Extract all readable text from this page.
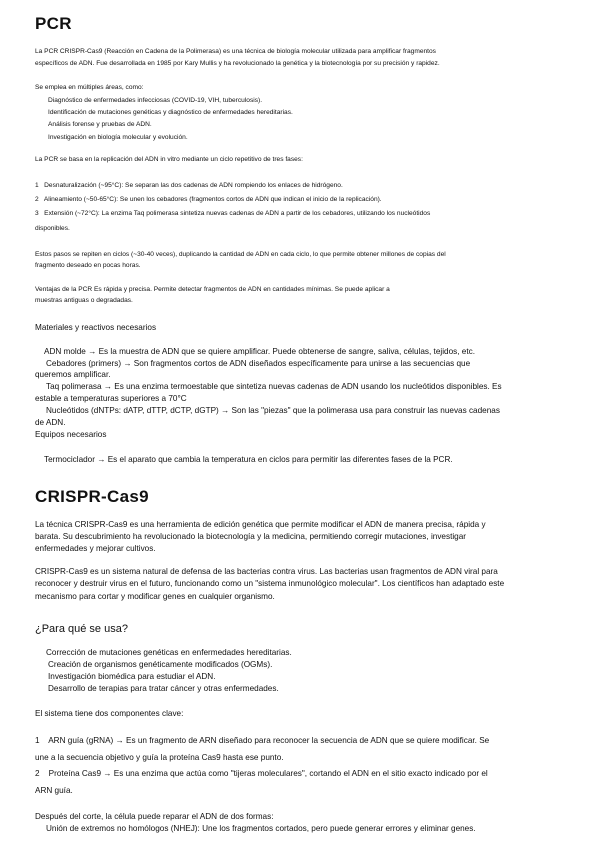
PCR
La PCR CRISPR-Cas9 (Reacción en Cadena de la Polimerasa) es una técnica de biología molecular utilizada para amplificar fragmentos
específicos de ADN. Fue desarrollada en 1985 por Kary Mullis y ha revolucionado la genética y la biotecnología por su precisión y rapidez.
Se emplea en múltiples áreas, como:
Diagnóstico de enfermedades infecciosas (COVID-19, VIH, tuberculosis).
Identificación de mutaciones genéticas y diagnóstico de enfermedades hereditarias.
Análisis forense y pruebas de ADN.
Investigación en biología molecular y evolución.
La PCR se basa en la replicación del ADN in vitro mediante un ciclo repetitivo de tres fases:
1 Desnaturalización (~95°C): Se separan las dos cadenas de ADN rompiendo los enlaces de hidrógeno.
2 Alineamiento (~50-65°C): Se unen los cebadores (fragmentos cortos de ADN que indican el inicio de la replicación).
3 Extensión (~72°C): La enzima Taq polimerasa sintetiza nuevas cadenas de ADN a partir de los cebadores, utilizando los nucleótidos
disponibles.
Estos pasos se repiten en ciclos (~30-40 veces), duplicando la cantidad de ADN en cada ciclo, lo que permite obtener millones de copias del
fragmento deseado en pocas horas.
Ventajas de la PCR Es rápida y precisa. Permite detectar fragmentos de ADN en cantidades mínimas. Se puede aplicar a
muestras antiguas o degradadas.
Materiales y reactivos necesarios
ADN molde → Es la muestra de ADN que se quiere amplificar. Puede obtenerse de sangre, saliva, células, tejidos, etc.
Cebadores (primers) → Son fragmentos cortos de ADN diseñados específicamente para unirse a las secuencias que
queremos amplificar.
Taq polimerasa → Es una enzima termoestable que sintetiza nuevas cadenas de ADN usando los nucleótidos disponibles. Es
estable a temperaturas superiores a 70°C
Nucleótidos (dNTPs: dATP, dTTP, dCTP, dGTP) → Son las "piezas" que la polimerasa usa para construir las nuevas cadenas
de ADN.
Equipos necesarios
Termociclador → Es el aparato que cambia la temperatura en ciclos para permitir las diferentes fases de la PCR.
CRISPR-Cas9
La técnica CRISPR-Cas9 es una herramienta de edición genética que permite modificar el ADN de manera precisa, rápida y
barata. Su descubrimiento ha revolucionado la biotecnología y la medicina, permitiendo corregir mutaciones, investigar
enfermedades y mejorar cultivos.
CRISPR-Cas9 es un sistema natural de defensa de las bacterias contra virus. Las bacterias usan fragmentos de ADN viral para
reconocer y destruir virus en el futuro, funcionando como un "sistema inmunológico molecular". Los científicos han adaptado este
mecanismo para cortar y modificar genes en cualquier organismo.
¿Para qué se usa?
Corrección de mutaciones genéticas en enfermedades hereditarias.
Creación de organismos genéticamente modificados (OGMs).
Investigación biomédica para estudiar el ADN.
Desarrollo de terapias para tratar cáncer y otras enfermedades.
El sistema tiene dos componentes clave:
1 ARN guía (gRNA) → Es un fragmento de ARN diseñado para reconocer la secuencia de ADN que se quiere modificar. Se
une a la secuencia objetivo y guía la proteína Cas9 hasta ese punto.
2 Proteína Cas9 → Es una enzima que actúa como "tijeras moleculares", cortando el ADN en el sitio exacto indicado por el
ARN guía.
Después del corte, la célula puede reparar el ADN de dos formas:
Unión de extremos no homólogos (NHEJ): Une los fragmentos cortados, pero puede generar errores y eliminar genes.
